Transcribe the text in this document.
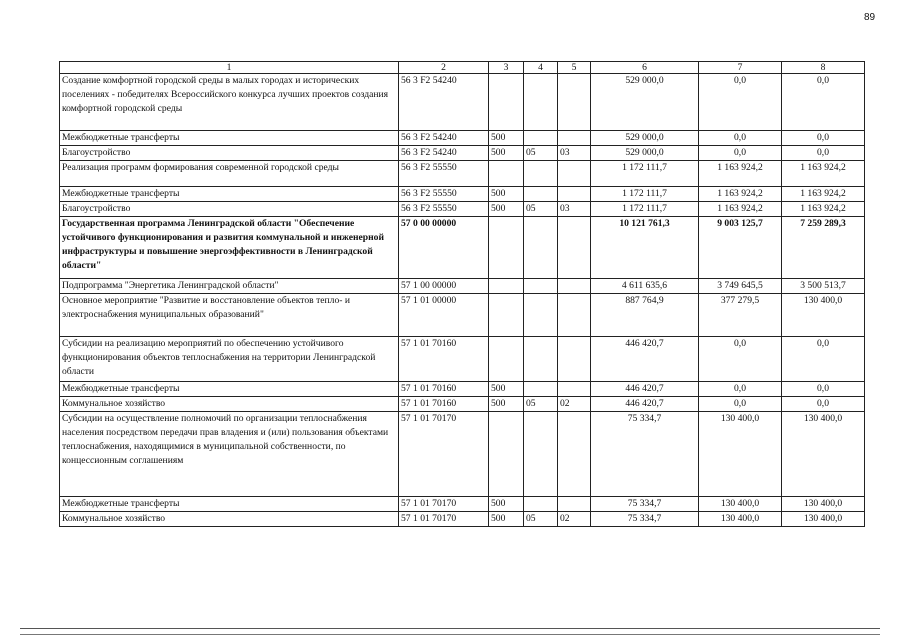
89
1	2	3	4	5	6	7	8
Создание комфортной городской среды в малых городах и исторических поселениях - победителях Всероссийского конкурса лучших проектов создания комфортной городской среды	56 3 F2 54240				529 000,0	0,0	0,0
Межбюджетные трансферты	56 3 F2 54240	500			529 000,0	0,0	0,0
Благоустройство	56 3 F2 54240	500	05	03	529 000,0	0,0	0,0
Реализация программ формирования современной городской среды	56 3 F2 55550				1 172 111,7	1 163 924,2	1 163 924,2
Межбюджетные трансферты	56 3 F2 55550	500			1 172 111,7	1 163 924,2	1 163 924,2
Благоустройство	56 3 F2 55550	500	05	03	1 172 111,7	1 163 924,2	1 163 924,2
Государственная программа Ленинградской области "Обеспечение устойчивого функционирования и развития коммунальной и инженерной инфраструктуры и повышение энергоэффективности в Ленинградской области"	57 0 00 00000				10 121 761,3	9 003 125,7	7 259 289,3
Подпрограмма "Энергетика Ленинградской области"	57 1 00 00000				4 611 635,6	3 749 645,5	3 500 513,7
Основное мероприятие "Развитие и восстановление объектов тепло- и электроснабжения муниципальных образований"	57 1 01 00000				887 764,9	377 279,5	130 400,0
Субсидии на реализацию мероприятий по обеспечению устойчивого функционирования объектов теплоснабжения на территории Ленинградской области	57 1 01 70160				446 420,7	0,0	0,0
Межбюджетные трансферты	57 1 01 70160	500			446 420,7	0,0	0,0
Коммунальное хозяйство	57 1 01 70160	500	05	02	446 420,7	0,0	0,0
Субсидии на осуществление полномочий по организации теплоснабжения населения посредством передачи прав владения и (или) пользования объектами теплоснабжения, находящимися в муниципальной собственности, по концессионным соглашениям	57 1 01 70170				75 334,7	130 400,0	130 400,0
Межбюджетные трансферты	57 1 01 70170	500			75 334,7	130 400,0	130 400,0
Коммунальное хозяйство	57 1 01 70170	500	05	02	75 334,7	130 400,0	130 400,0
